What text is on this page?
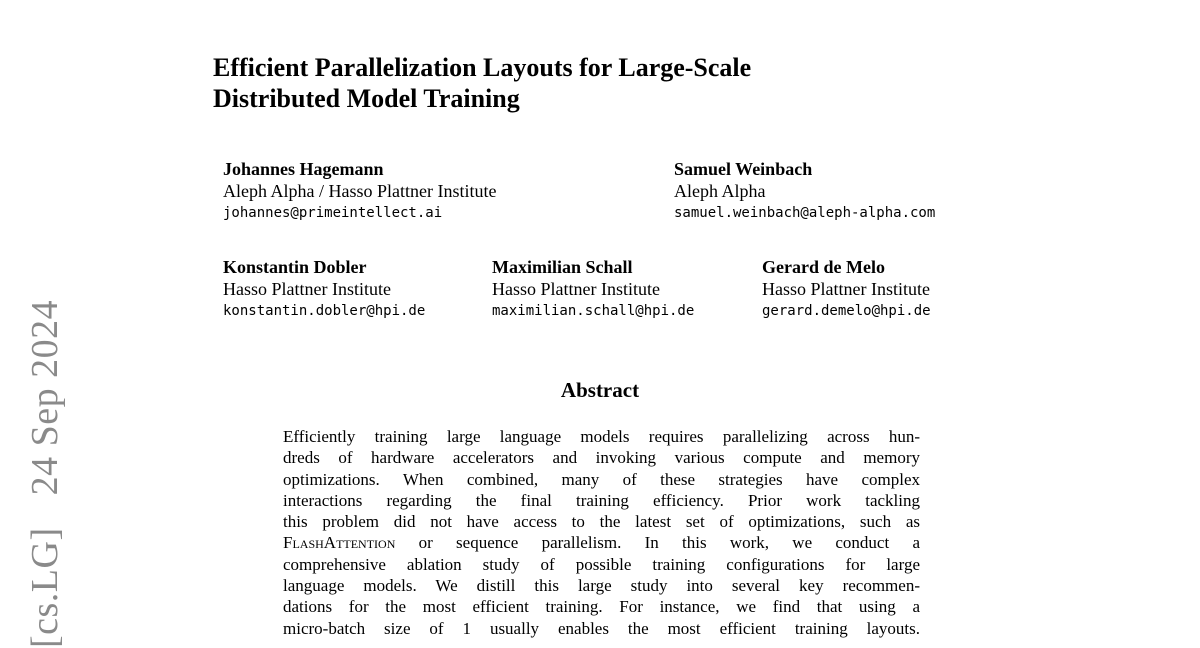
[cs.LG] 24 Sep 2024
Efficient Parallelization Layouts for Large-Scale
Distributed Model Training
Johannes Hagemann
Aleph Alpha / Hasso Plattner Institute
johannes@primeintellect.ai
Samuel Weinbach
Aleph Alpha
samuel.weinbach@aleph-alpha.com
Konstantin Dobler
Hasso Plattner Institute
konstantin.dobler@hpi.de
Maximilian Schall
Hasso Plattner Institute
maximilian.schall@hpi.de
Gerard de Melo
Hasso Plattner Institute
gerard.demelo@hpi.de
Abstract
Efficiently training large language models requires parallelizing across hun-
dreds of hardware accelerators and invoking various compute and memory
optimizations. When combined, many of these strategies have complex
interactions regarding the final training efficiency. Prior work tackling
this problem did not have access to the latest set of optimizations, such as
FlashAttention or sequence parallelism. In this work, we conduct a
comprehensive ablation study of possible training configurations for large
language models. We distill this large study into several key recommen-
dations for the most efficient training. For instance, we find that using a
micro-batch size of 1 usually enables the most efficient training layouts.
